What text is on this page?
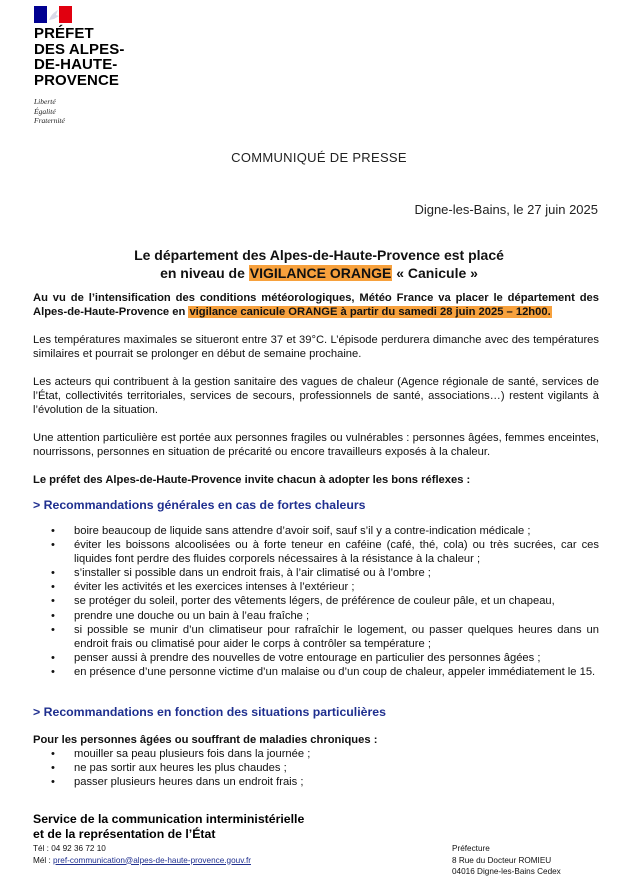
PRÉFET
DES ALPES-
DE-HAUTE-
PROVENCE
Liberté
Égalité
Fraternité
COMMUNIQUÉ DE PRESSE
Digne-les-Bains, le 27 juin 2025
Le département des Alpes-de-Haute-Provence est placé
en niveau de VIGILANCE ORANGE « Canicule »
Au vu de l’intensification des conditions météorologiques, Météo France va placer le département des Alpes-de-Haute-Provence en vigilance canicule ORANGE à partir du samedi 28 juin 2025 – 12h00.
Les températures maximales se situeront entre 37 et 39°C. L’épisode perdurera dimanche avec des températures similaires et pourrait se prolonger en début de semaine prochaine.
Les acteurs qui contribuent à la gestion sanitaire des vagues de chaleur (Agence régionale de santé, services de l’État, collectivités territoriales, services de secours, professionnels de santé, associations…) restent vigilants à l’évolution de la situation.
Une attention particulière est portée aux personnes fragiles ou vulnérables : personnes âgées, femmes enceintes, nourrissons, personnes en situation de précarité ou encore travailleurs exposés à la chaleur.
Le préfet des Alpes-de-Haute-Provence invite chacun à adopter les bons réflexes :
> Recommandations générales en cas de fortes chaleurs
• boire beaucoup de liquide sans attendre d’avoir soif, sauf s’il y a contre-indication médicale ;
• éviter les boissons alcoolisées ou à forte teneur en caféine (café, thé, cola) ou très sucrées, car ces liquides font perdre des fluides corporels nécessaires à la résistance à la chaleur ;
• s’installer si possible dans un endroit frais, à l’air climatisé ou à l’ombre ;
• éviter les activités et les exercices intenses à l’extérieur ;
• se protéger du soleil, porter des vêtements légers, de préférence de couleur pâle, et un chapeau,
• prendre une douche ou un bain à l’eau fraîche ;
• si possible se munir d’un climatiseur pour rafraîchir le logement, ou passer quelques heures dans un endroit frais ou climatisé pour aider le corps à contrôler sa température ;
• penser aussi à prendre des nouvelles de votre entourage en particulier des personnes âgées ;
• en présence d’une personne victime d’un malaise ou d’un coup de chaleur, appeler immédiatement le 15.
> Recommandations en fonction des situations particulières
Pour les personnes âgées ou souffrant de maladies chroniques :
• mouiller sa peau plusieurs fois dans la journée ;
• ne pas sortir aux heures les plus chaudes ;
• passer plusieurs heures dans un endroit frais ;
Service de la communication interministérielle
et de la représentation de l’État
Tél : 04 92 36 72 10
Mél : pref-communication@alpes-de-haute-provence.gouv.fr
Préfecture
8 Rue du Docteur ROMIEU
04016 Digne-les-Bains Cedex
